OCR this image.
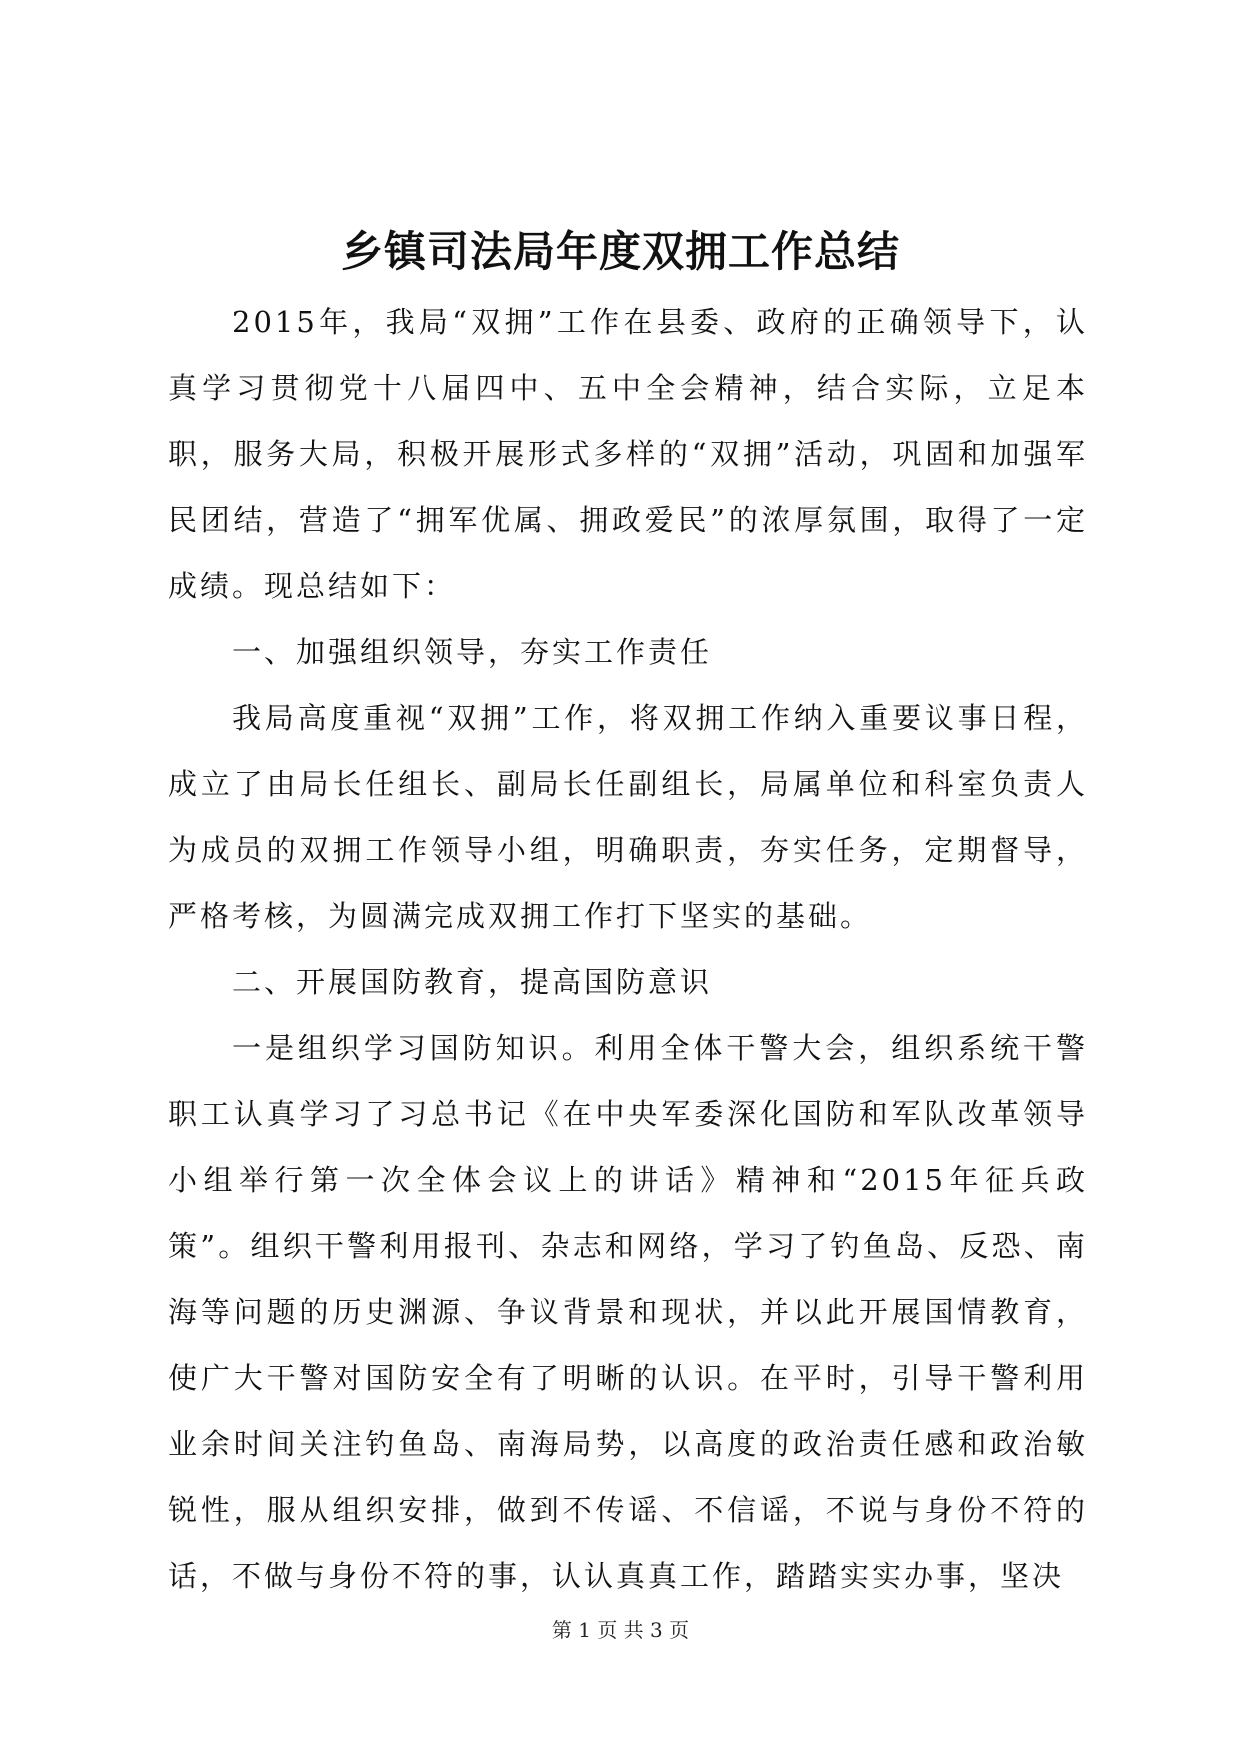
乡镇司法局年度双拥工作总结

2015年，我局“双拥”工作在县委、政府的正确领导下，认真学习贯彻党十八届四中、五中全会精神，结合实际，立足本职，服务大局，积极开展形式多样的“双拥”活动，巩固和加强军民团结，营造了“拥军优属、拥政爱民”的浓厚氛围，取得了一定成绩。现总结如下：

一、加强组织领导，夯实工作责任

我局高度重视“双拥”工作，将双拥工作纳入重要议事日程，成立了由局长任组长、副局长任副组长，局属单位和科室负责人为成员的双拥工作领导小组，明确职责，夯实任务，定期督导，严格考核，为圆满完成双拥工作打下坚实的基础。

二、开展国防教育，提高国防意识

一是组织学习国防知识。利用全体干警大会，组织系统干警职工认真学习了习总书记《在中央军委深化国防和军队改革领导小组举行第一次全体会议上的讲话》精神和“2015年征兵政策”。组织干警利用报刊、杂志和网络，学习了钓鱼岛、反恐、南海等问题的历史渊源、争议背景和现状，并以此开展国情教育，使广大干警对国防安全有了明晰的认识。在平时，引导干警利用业余时间关注钓鱼岛、南海局势，以高度的政治责任感和政治敏锐性，服从组织安排，做到不传谣、不信谣，不说与身份不符的话，不做与身份不符的事，认认真真工作，踏踏实实办事，坚决

第 1 页 共 3 页
